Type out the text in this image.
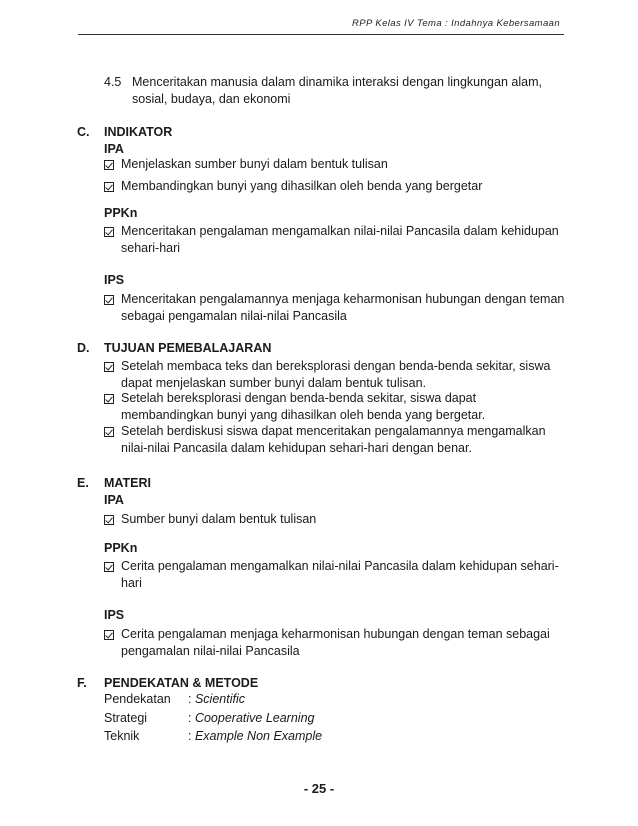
RPP Kelas IV Tema : Indahnya Kebersamaan
4.5 Menceritakan manusia dalam dinamika interaksi dengan lingkungan alam, sosial, budaya, dan ekonomi
C. INDIKATOR
IPA
Menjelaskan sumber bunyi dalam bentuk tulisan
Membandingkan bunyi yang dihasilkan oleh benda yang bergetar
PPKn
Menceritakan pengalaman mengamalkan nilai-nilai Pancasila dalam kehidupan sehari-hari
IPS
Menceritakan pengalamannya menjaga keharmonisan hubungan dengan teman sebagai pengamalan nilai-nilai Pancasila
D. TUJUAN PEMEBALAJARAN
Setelah membaca teks dan bereksplorasi dengan benda-benda sekitar, siswa dapat menjelaskan sumber bunyi dalam bentuk tulisan.
Setelah bereksplorasi dengan benda-benda sekitar, siswa dapat membandingkan bunyi yang dihasilkan oleh benda yang bergetar.
Setelah berdiskusi siswa dapat menceritakan pengalamannya mengamalkan nilai-nilai Pancasila dalam kehidupan sehari-hari dengan benar.
E. MATERI
IPA
Sumber bunyi dalam bentuk tulisan
PPKn
Cerita pengalaman mengamalkan nilai-nilai Pancasila dalam kehidupan sehari-hari
IPS
Cerita pengalaman menjaga keharmonisan hubungan dengan teman sebagai pengamalan nilai-nilai Pancasila
F. PENDEKATAN & METODE
Pendekatan : Scientific
Strategi	: Cooperative Learning
Teknik	: Example Non Example
- 25 -
